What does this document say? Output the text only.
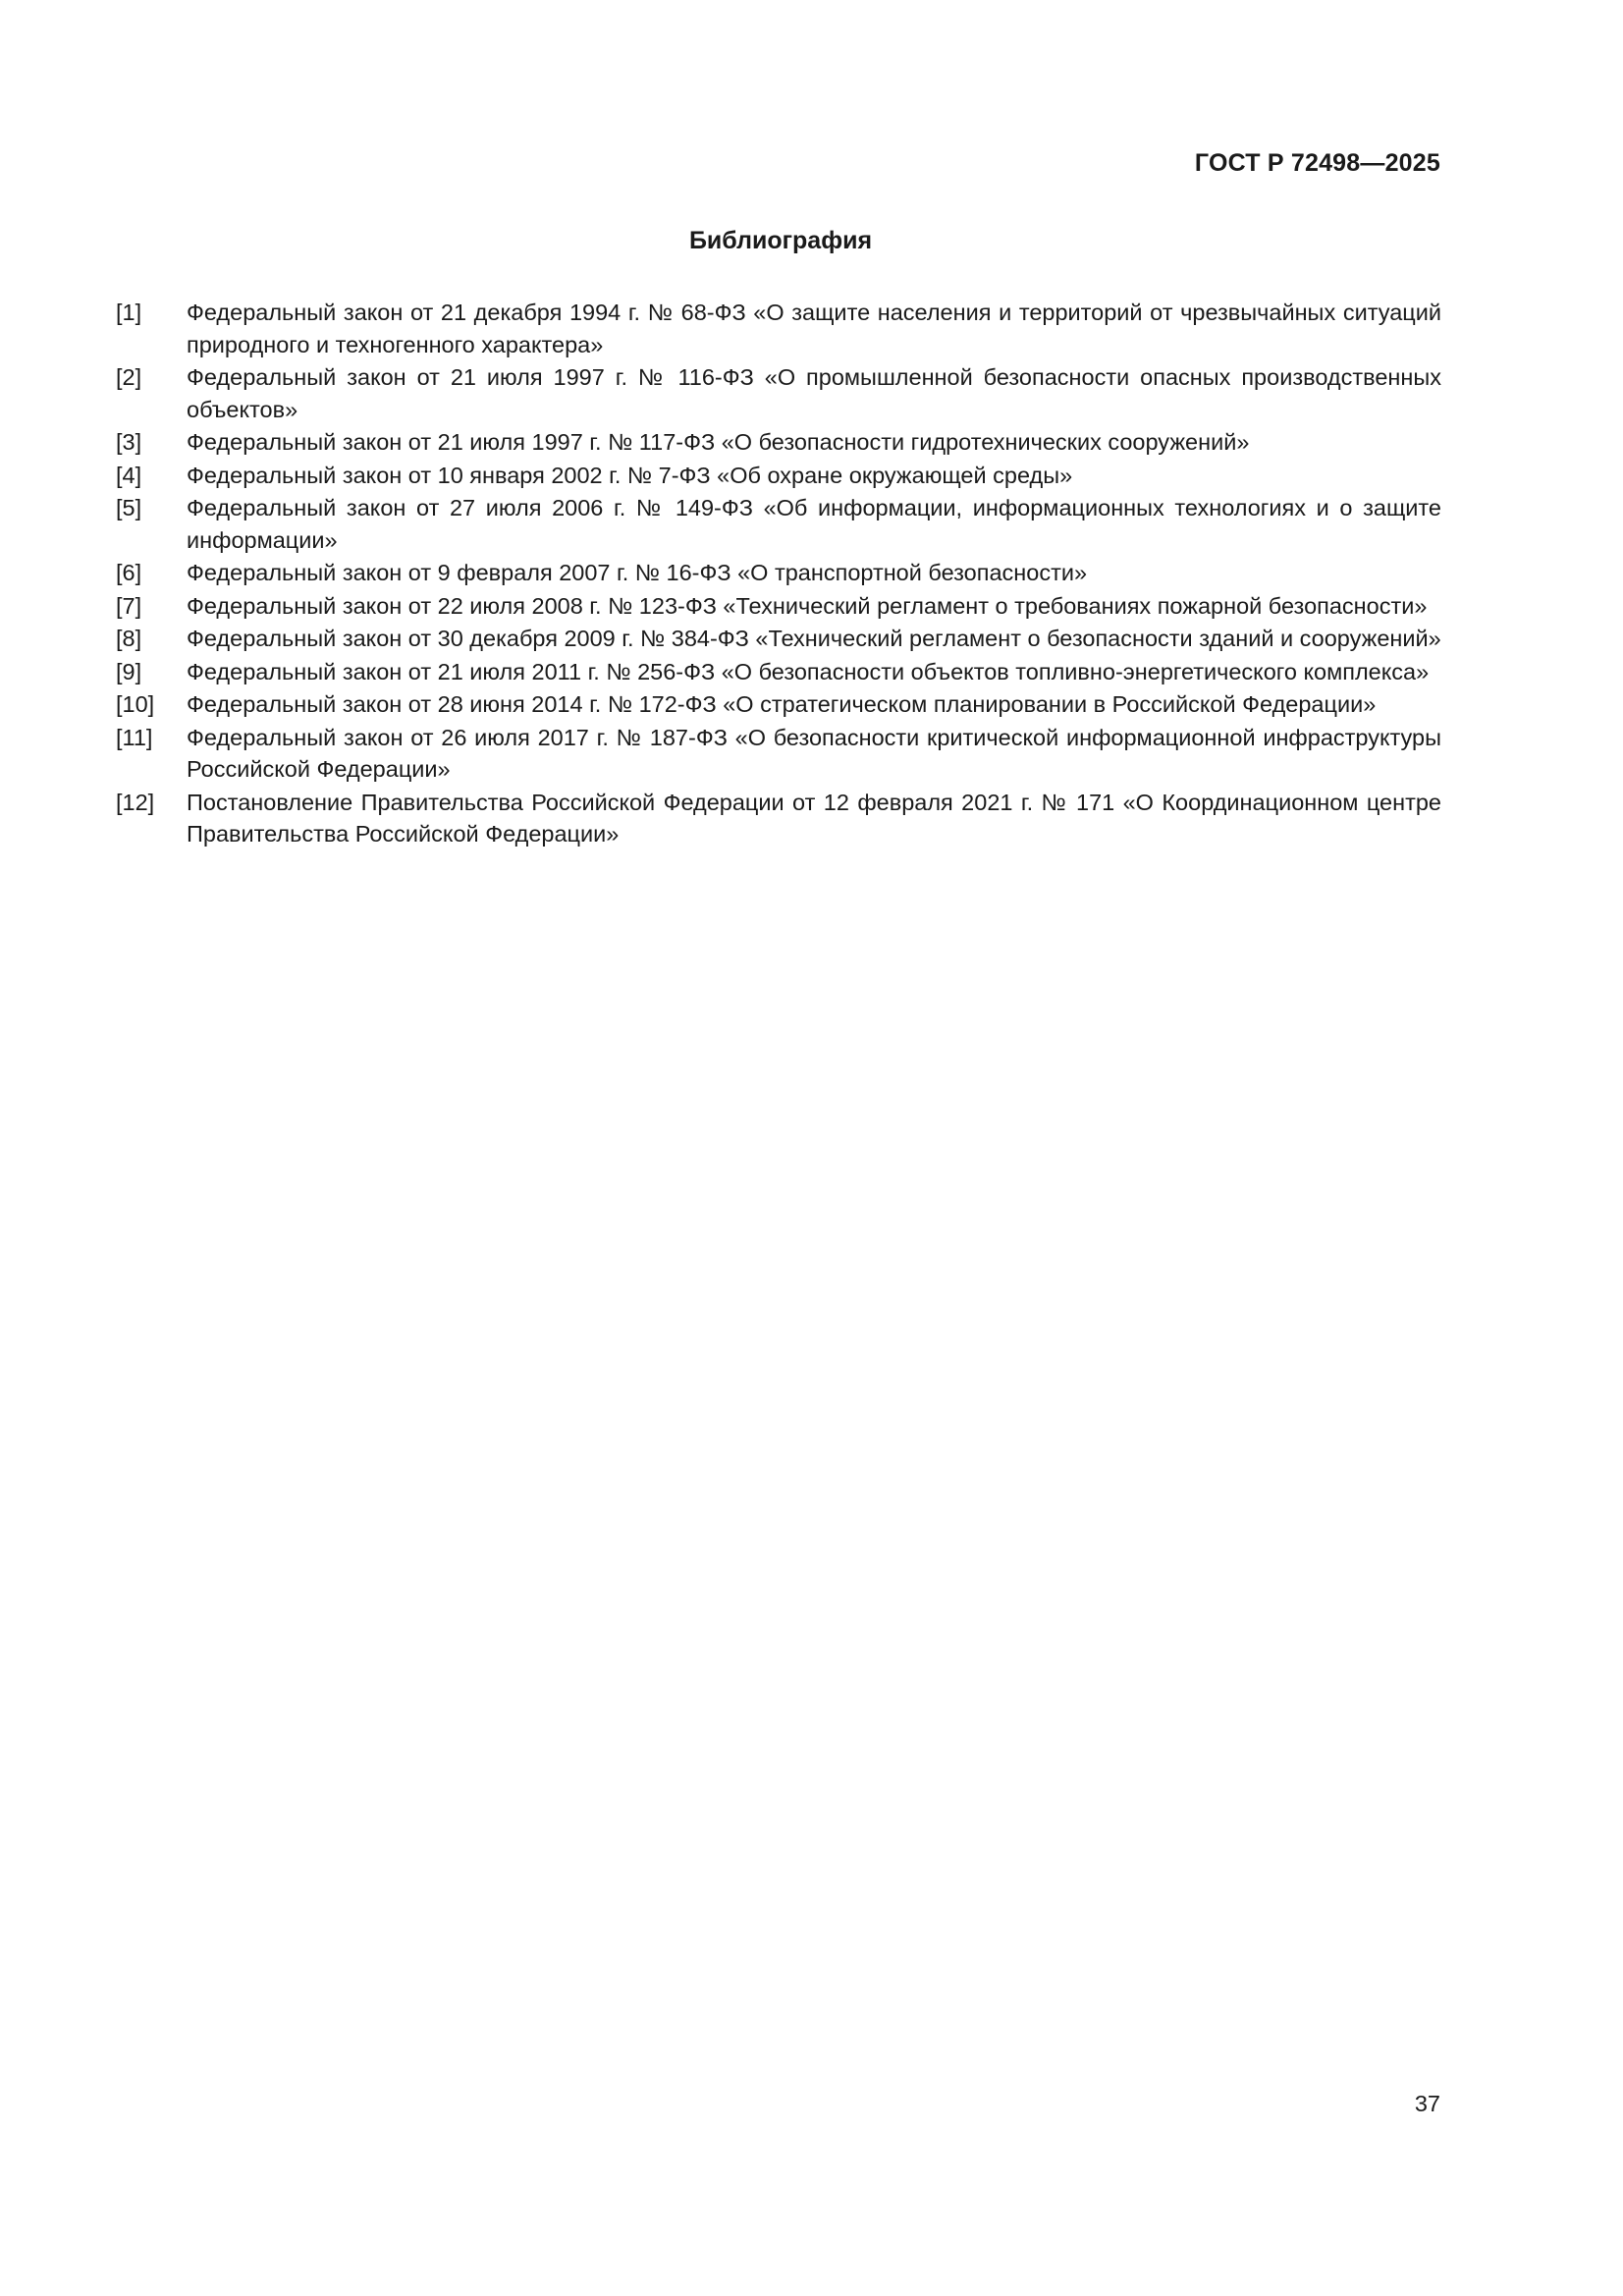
ГОСТ Р 72498—2025
Библиография
[1]	Федеральный закон от 21 декабря 1994 г. № 68-ФЗ «О защите населения и территорий от чрезвычайных ситуаций природного и техногенного характера»
[2]	Федеральный закон от 21 июля 1997 г. № 116-ФЗ «О промышленной безопасности опасных производственных объектов»
[3]	Федеральный закон от 21 июля 1997 г. № 117-ФЗ «О безопасности гидротехнических сооружений»
[4]	Федеральный закон от 10 января 2002 г. № 7-ФЗ «Об охране окружающей среды»
[5]	Федеральный закон от 27 июля 2006 г. № 149-ФЗ «Об информации, информационных технологиях и о защите информации»
[6]	Федеральный закон от 9 февраля 2007 г. № 16-ФЗ «О транспортной безопасности»
[7]	Федеральный закон от 22 июля 2008 г. № 123-ФЗ «Технический регламент о требованиях пожарной безопасности»
[8]	Федеральный закон от 30 декабря 2009 г. № 384-ФЗ «Технический регламент о безопасности зданий и сооружений»
[9]	Федеральный закон от 21 июля 2011 г. № 256-ФЗ «О безопасности объектов топливно-энергетического комплекса»
[10]	Федеральный закон от 28 июня 2014 г. № 172-ФЗ «О стратегическом планировании в Российской Федерации»
[11]	Федеральный закон от 26 июля 2017 г. № 187-ФЗ «О безопасности критической информационной инфраструктуры Российской Федерации»
[12]	Постановление Правительства Российской Федерации от 12 февраля 2021 г. № 171 «О Координационном центре Правительства Российской Федерации»
37
